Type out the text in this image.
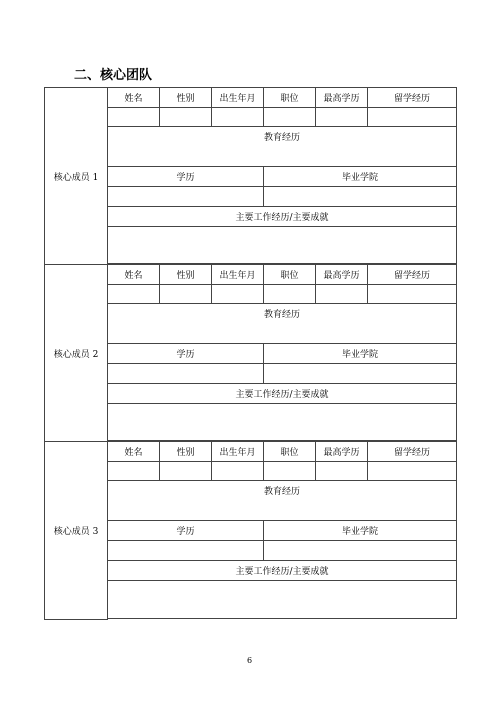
二、核心团队
核心成员 1	姓名	性别	出生年月	职位	最高学历	留学经历

	教育经历					
	学历			毕业学院		

	主要工作经历/主要成就					

核心成员 2	姓名	性别	出生年月	职位	最高学历	留学经历

	教育经历					
	学历			毕业学院		

	主要工作经历/主要成就					

核心成员 3	姓名	性别	出生年月	职位	最高学历	留学经历

	教育经历					
	学历			毕业学院		

	主要工作经历/主要成就					

6
